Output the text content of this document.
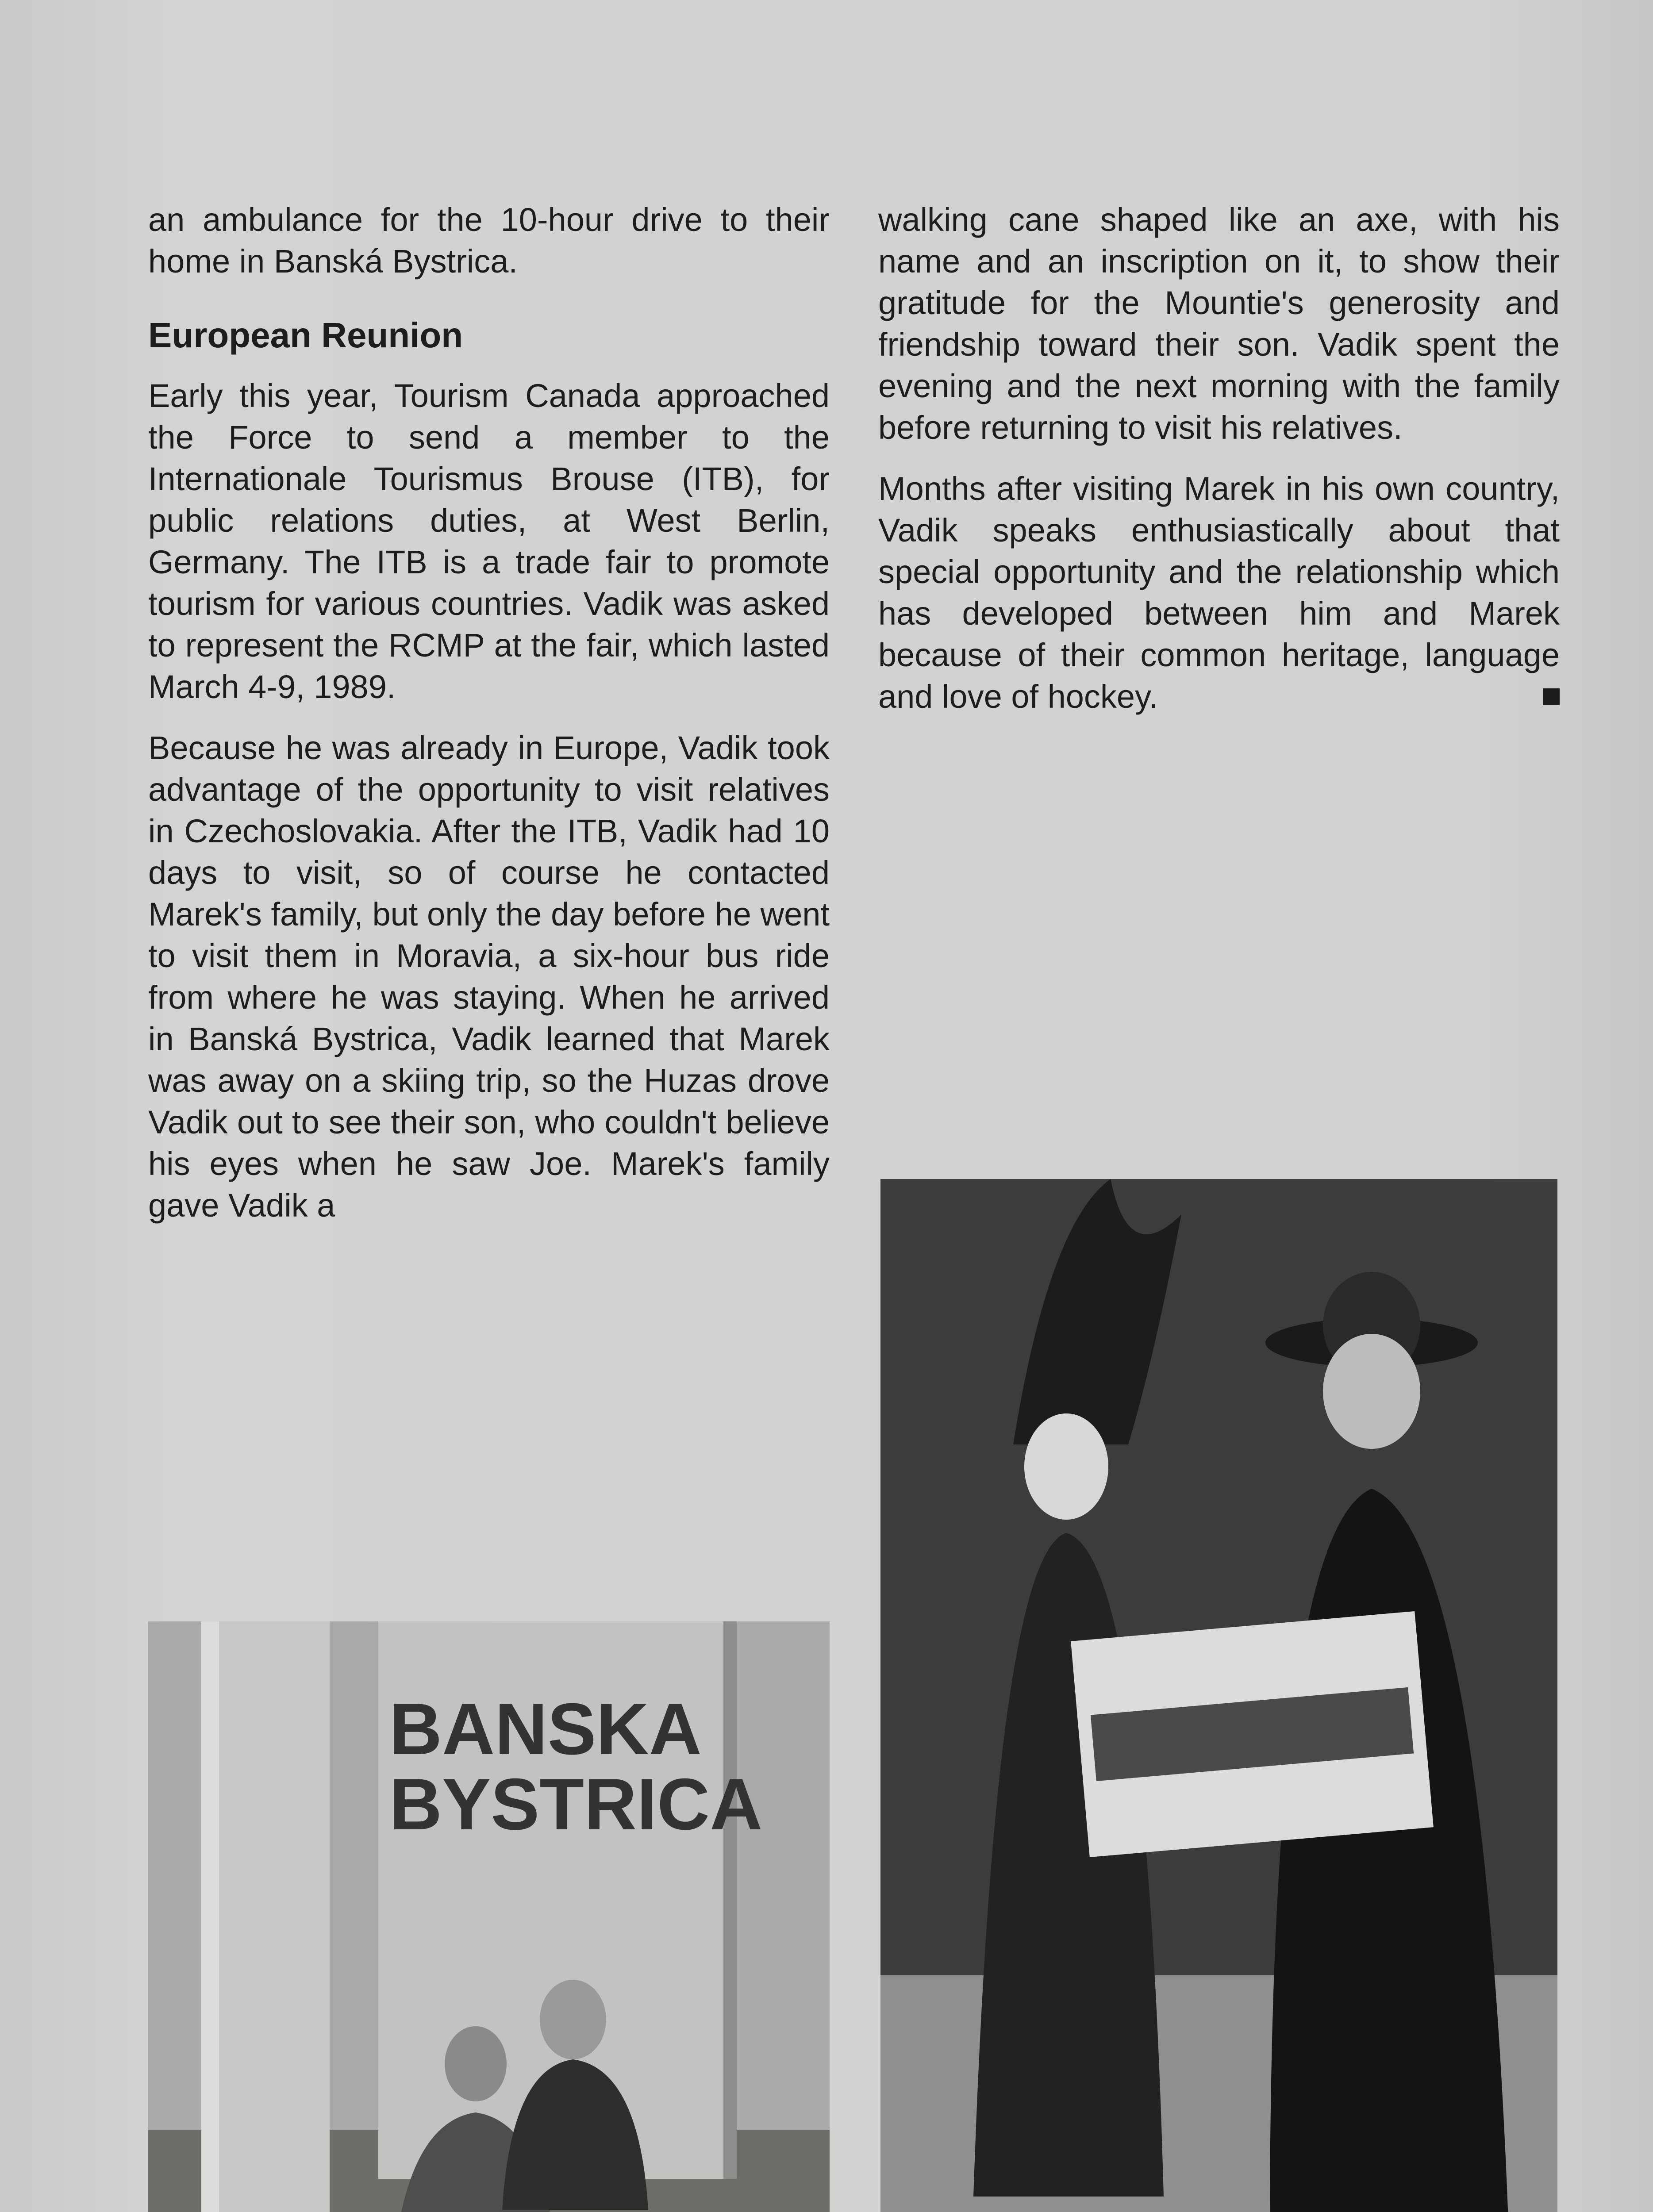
an ambulance for the 10-hour drive to their home in Banská Bystrica.

European Reunion

Early this year, Tourism Canada approached the Force to send a member to the Internationale Tourismus Brouse (ITB), for public relations duties, at West Berlin, Germany. The ITB is a trade fair to promote tourism for various countries. Vadik was asked to represent the RCMP at the fair, which lasted March 4-9, 1989.

Because he was already in Europe, Vadik took advantage of the opportunity to visit relatives in Czechoslovakia. After the ITB, Vadik had 10 days to visit, so of course he contacted Marek's family, but only the day before he went to visit them in Moravia, a six-hour bus ride from where he was staying. When he arrived in Banská Bystrica, Vadik learned that Marek was away on a skiing trip, so the Huzas drove Vadik out to see their son, who couldn't believe his eyes when he saw Joe. Marek's family gave Vadik a

walking cane shaped like an axe, with his name and an inscription on it, to show their gratitude for the Mountie's generosity and friendship toward their son. Vadik spent the evening and the next morning with the family before returning to visit his relatives.

Months after visiting Marek in his own country, Vadik speaks enthusiastically about that special opportunity and the relationship which has developed between him and Marek because of their common heritage, language and love of hockey.

BANSKA
BYSTRICA
